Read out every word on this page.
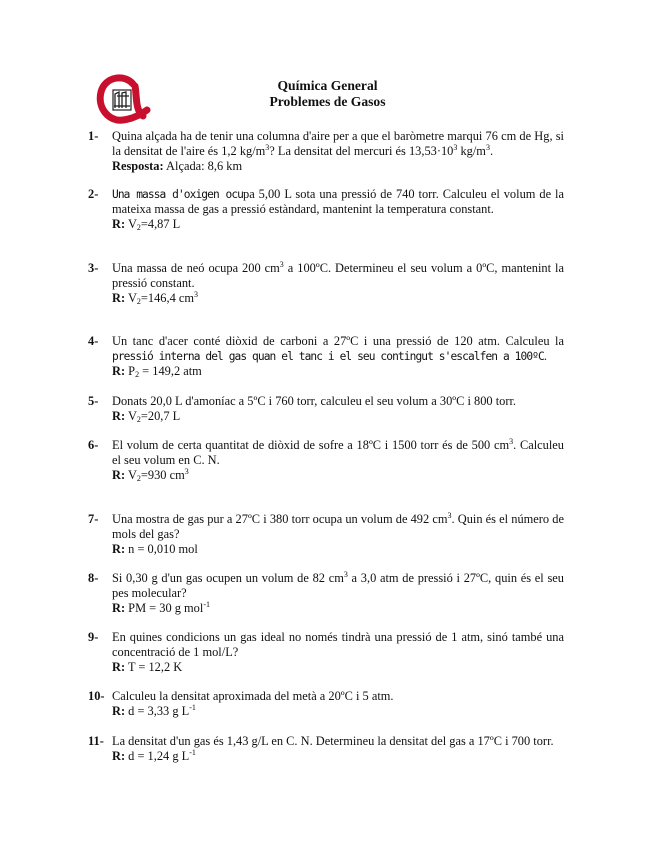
Química General
Problemes de Gasos
1- Quina alçada ha de tenir una columna d'aire per a que el baròmetre marqui 76 cm de Hg, si la densitat de l'aire és 1,2 $kg/m^3$? La densitat del mercuri és $13,53\cdot 10^3$ $kg/m^3$.
Resposta: Alçada: 8,6 km
2- Una massa d'oxigen ocupa 5,00 L sota una pressió de 740 torr. Calculeu el volum de la mateixa massa de gas a pressió estàndard, mantenint la temperatura constant.
R: $V_2=4,87$ L
3- Una massa de neó ocupa 200 $cm^3$ a 100ºC. Determineu el seu volum a 0ºC, mantenint la pressió constant.
R: $V_2=146,4$ $cm^3$
4- Un tanc d'acer conté diòxid de carboni a 27ºC i una pressió de 120 atm. Calculeu la pressió interna del gas quan el tanc i el seu contingut s'escalfen a 100ºC.
R: $P_2 = 149,2$ atm
5- Donats 20,0 L d'amoníac a 5ºC i 760 torr, calculeu el seu volum a 30ºC i 800 torr.
R: $V_2=20,7$ L
6- El volum de certa quantitat de diòxid de sofre a 18ºC i 1500 torr és de 500 $cm^3$. Calculeu el seu volum en C. N.
R: $V_2=930$ $cm^3$
7- Una mostra de gas pur a 27ºC i 380 torr ocupa un volum de 492 $cm^3$. Quin és el número de mols del gas?
R: n = 0,010 mol
8- Si 0,30 g d'un gas ocupen un volum de 82 $cm^3$ a 3,0 atm de pressió i 27ºC, quin és el seu pes molecular?
R: PM = 30 g mol$^{-1}$
9- En quines condicions un gas ideal no només tindrà una pressió de 1 atm, sinó també una concentració de 1 mol/L?
R: T = 12,2 K
10- Calculeu la densitat aproximada del metà a 20ºC i 5 atm.
R: d = 3,33 g $L^{-1}$
11- La densitat d'un gas és 1,43 g/L en C. N. Determineu la densitat del gas a 17ºC i 700 torr.
R: d = 1,24 g $L^{-1}$
